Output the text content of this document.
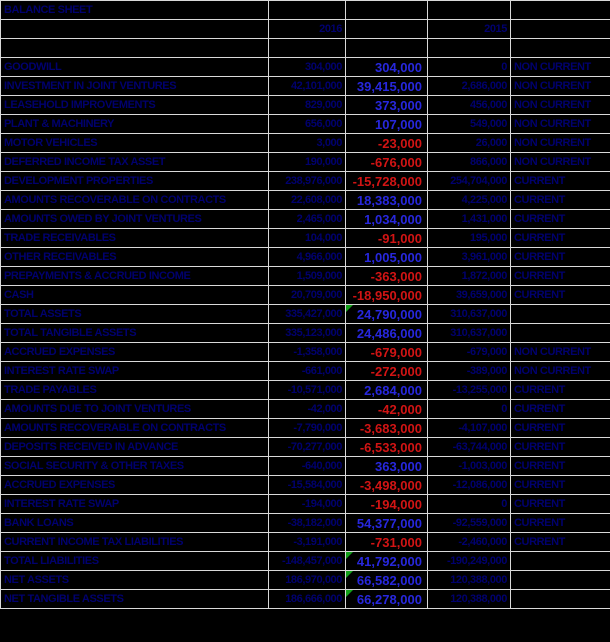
BALANCE SHEET				
	2016		2015	

GOODWILL	304,000	304,000	0	NON CURRENT
INVESTMENT IN JOINT VENTURES	42,101,000	39,415,000	2,686,000	NON CURRENT
LEASEHOLD IMPROVEMENTS	829,000	373,000	456,000	NON CURRENT
PLANT & MACHINERY	656,000	107,000	549,000	NON CURRENT
MOTOR VEHICLES	3,000	-23,000	26,000	NON CURRENT
DEFERRED INCOME TAX ASSET	190,000	-676,000	866,000	NON CURRENT
DEVELOPMENT PROPERTIES	238,976,000	-15,728,000	254,704,000	CURRENT
AMOUNTS RECOVERABLE ON CONTRACTS	22,608,000	18,383,000	4,225,000	CURRENT
AMOUNTS OWED BY JOINT VENTURES	2,465,000	1,034,000	1,431,000	CURRENT
TRADE RECEIVABLES	104,000	-91,000	195,000	CURRENT
OTHER RECEIVABLES	4,966,000	1,005,000	3,961,000	CURRENT
PREPAYMENTS & ACCRUED INCOME	1,509,000	-363,000	1,872,000	CURRENT
CASH	20,709,000	-18,950,000	39,659,000	CURRENT
TOTAL ASSETS	335,427,000	24,790,000	310,637,000	
TOTAL TANGIBLE ASSETS	335,123,000	24,486,000	310,637,000	
ACCRUED EXPENSES	-1,358,000	-679,000	-679,000	NON CURRENT
INTEREST RATE SWAP	-661,000	-272,000	-389,000	NON CURRENT
TRADE PAYABLES	-10,571,000	2,684,000	-13,255,000	CURRENT
AMOUNTS DUE TO JOINT VENTURES	-42,000	-42,000	0	CURRENT
AMOUNTS RECOVERABLE ON CONTRACTS	-7,790,000	-3,683,000	-4,107,000	CURRENT
DEPOSITS RECEIVED IN ADVANCE	-70,277,000	-6,533,000	-63,744,000	CURRENT
SOCIAL SECURITY & OTHER TAXES	-640,000	363,000	-1,003,000	CURRENT
ACCRUED EXPENSES	-15,584,000	-3,498,000	-12,086,000	CURRENT
INTEREST RATE SWAP	-194,000	-194,000	0	CURRENT
BANK LOANS	-38,182,000	54,377,000	-92,559,000	CURRENT
CURRENT INCOME TAX LIABILITIES	-3,191,000	-731,000	-2,460,000	CURRENT
TOTAL LIABILITIES	-148,457,000	41,792,000	-190,249,000	
NET ASSETS	186,970,000	66,582,000	120,388,000	
NET TANGIBLE ASSETS	186,666,000	66,278,000	120,388,000	
